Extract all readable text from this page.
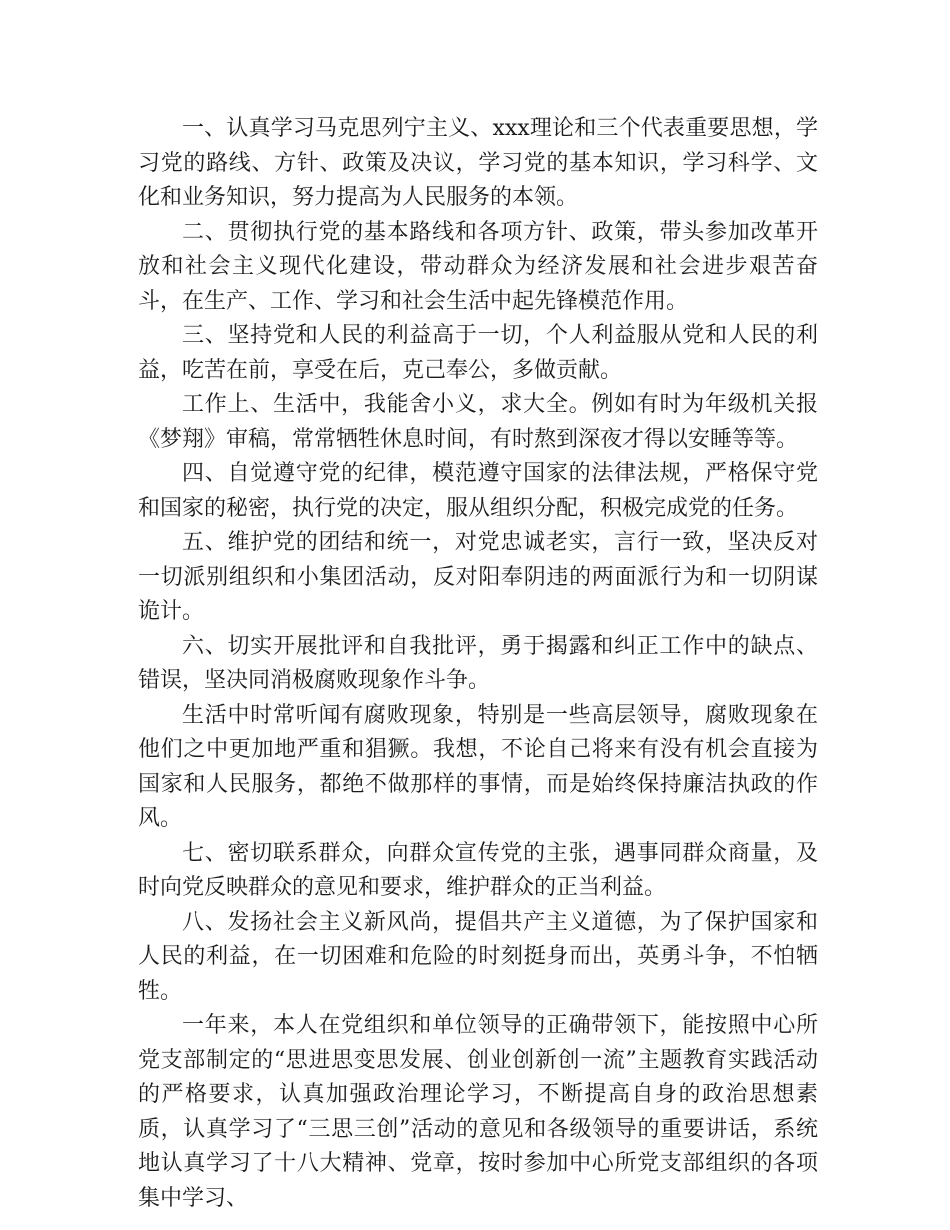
一、认真学习马克思列宁主义、xxx理论和三个代表重要思想，学习党的路线、方针、政策及决议，学习党的基本知识，学习科学、文化和业务知识，努力提高为人民服务的本领。

二、贯彻执行党的基本路线和各项方针、政策，带头参加改革开放和社会主义现代化建设，带动群众为经济发展和社会进步艰苦奋斗，在生产、工作、学习和社会生活中起先锋模范作用。

三、坚持党和人民的利益高于一切，个人利益服从党和人民的利益，吃苦在前，享受在后，克己奉公，多做贡献。

工作上、生活中，我能舍小义，求大全。例如有时为年级机关报《梦翔》审稿，常常牺牲休息时间，有时熬到深夜才得以安睡等等。

四、自觉遵守党的纪律，模范遵守国家的法律法规，严格保守党和国家的秘密，执行党的决定，服从组织分配，积极完成党的任务。

五、维护党的团结和统一，对党忠诚老实，言行一致，坚决反对一切派别组织和小集团活动，反对阳奉阴违的两面派行为和一切阴谋诡计。

六、切实开展批评和自我批评，勇于揭露和纠正工作中的缺点、错误，坚决同消极腐败现象作斗争。

生活中时常听闻有腐败现象，特别是一些高层领导，腐败现象在他们之中更加地严重和猖獗。我想，不论自己将来有没有机会直接为国家和人民服务，都绝不做那样的事情，而是始终保持廉洁执政的作风。

七、密切联系群众，向群众宣传党的主张，遇事同群众商量，及时向党反映群众的意见和要求，维护群众的正当利益。

八、发扬社会主义新风尚，提倡共产主义道德，为了保护国家和人民的利益，在一切困难和危险的时刻挺身而出，英勇斗争，不怕牺牲。

一年来，本人在党组织和单位领导的正确带领下，能按照中心所党支部制定的“思进思变思发展、创业创新创一流”主题教育实践活动的严格要求，认真加强政治理论学习，不断提高自身的政治思想素质，认真学习了“三思三创”活动的意见和各级领导的重要讲话，系统地认真学习了十八大精神、党章，按时参加中心所党支部组织的各项集中学习、
